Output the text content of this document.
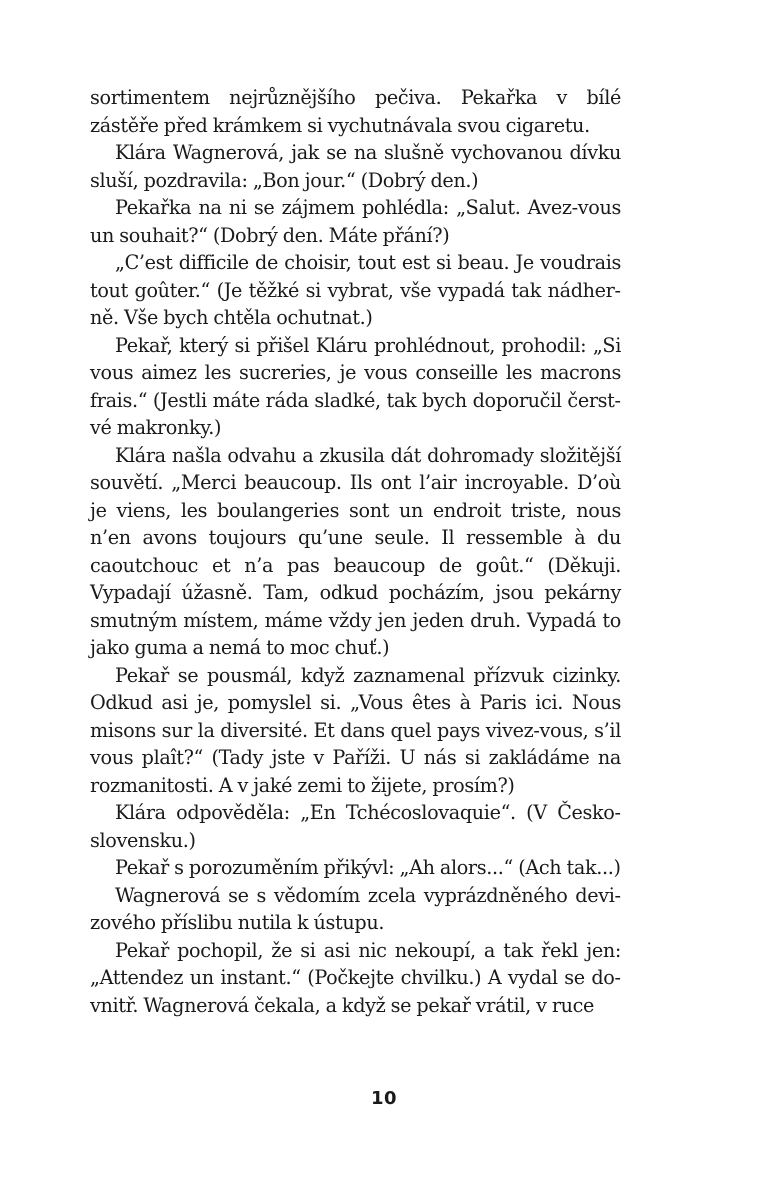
sortimentem nejrůznějšího pečiva. Pekařka v bílé zástěře před krámkem si vychutnávala svou cigaretu.

Klára Wagnerová, jak se na slušně vychovanou dívku sluší, pozdravila: „Bon jour.“ (Dobrý den.)

Pekařka na ni se zájmem pohlédla: „Salut. Avez-vous un souhait?“ (Dobrý den. Máte přání?)

„C’est difficile de choisir, tout est si beau. Je voudrais tout goûter.“ (Je těžké si vybrat, vše vypadá tak nádherně. Vše bych chtěla ochutnat.)

Pekař, který si přišel Kláru prohlédnout, prohodil: „Si vous aimez les sucreries, je vous conseille les macrons frais.“ (Jestli máte ráda sladké, tak bych doporučil čerstvé makronky.)

Klára našla odvahu a zkusila dát dohromady složitější souvětí. „Merci beaucoup. Ils ont l’air incroyable. D’où je viens, les boulangeries sont un endroit triste, nous n’en avons toujours qu’une seule. Il ressemble à du caoutchouc et n’a pas beaucoup de goût.“ (Děkuji. Vypadají úžasně. Tam, odkud pocházím, jsou pekárny smutným místem, máme vždy jen jeden druh. Vypadá to jako guma a nemá to moc chuť.)

Pekař se pousmál, když zaznamenal přízvuk cizinky. Odkud asi je, pomyslel si. „Vous êtes à Paris ici. Nous misons sur la diversité. Et dans quel pays vivez-vous, s’il vous plaît?“ (Tady jste v Paříži. U nás si zakládáme na rozmanitosti. A v jaké zemi to žijete, prosím?)

Klára odpověděla: „En Tchécoslovaquie“. (V Československu.)

Pekař s porozuměním přikývl: „Ah alors...“ (Ach tak...)

Wagnerová se s vědomím zcela vyprázdněného devizového příslibu nutila k ústupu.

Pekař pochopil, že si asi nic nekoupí, a tak řekl jen: „Attendez un instant.“ (Počkejte chvilku.) A vydal se dovnitř. Wagnerová čekala, a když se pekař vrátil, v ruce

10
